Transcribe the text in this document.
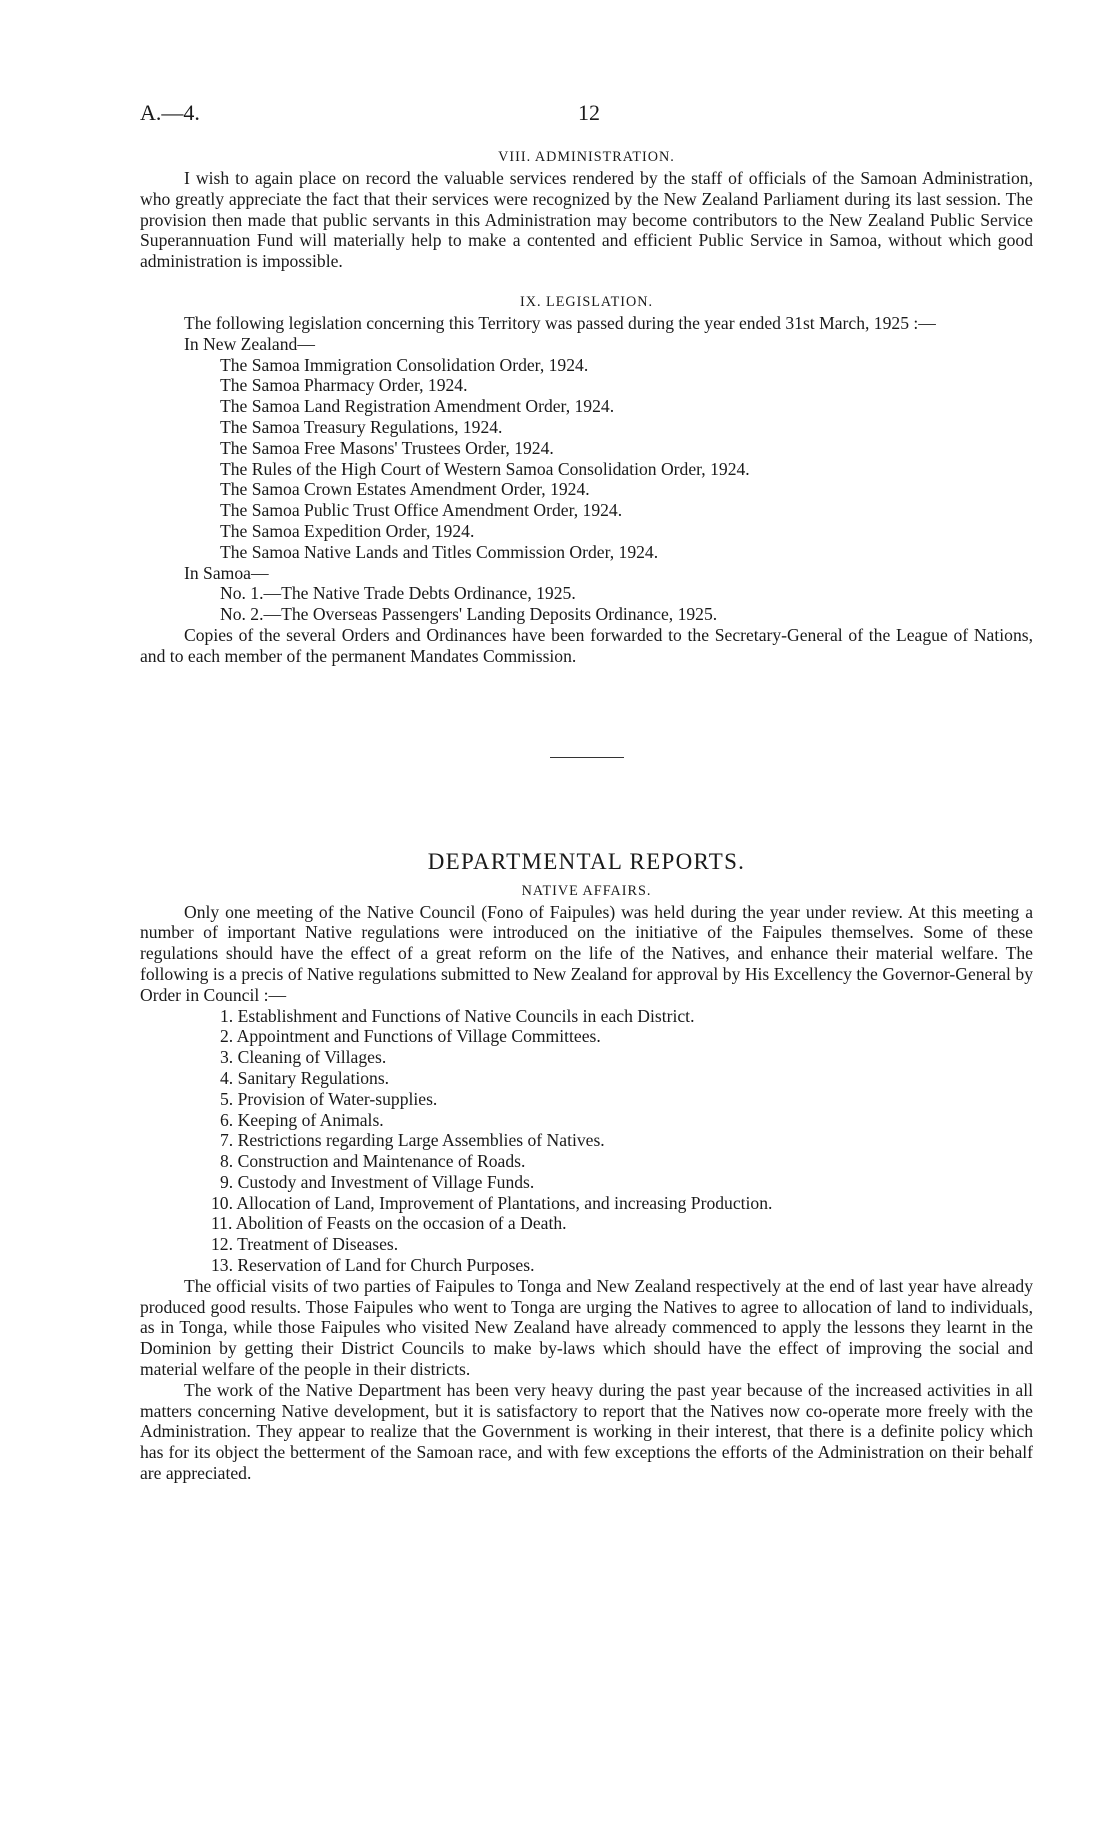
A.—4.	12

VIII. ADMINISTRATION.

I wish to again place on record the valuable services rendered by the staff of officials of the Samoan Administration, who greatly appreciate the fact that their services were recognized by the New Zealand Parliament during its last session. The provision then made that public servants in this Administration may become contributors to the New Zealand Public Service Superannuation Fund will materially help to make a contented and efficient Public Service in Samoa, without which good administration is impossible.

IX. LEGISLATION.

The following legislation concerning this Territory was passed during the year ended 31st March, 1925 :—

In New Zealand—

The Samoa Immigration Consolidation Order, 1924.

The Samoa Pharmacy Order, 1924.

The Samoa Land Registration Amendment Order, 1924.

The Samoa Treasury Regulations, 1924.

The Samoa Free Masons' Trustees Order, 1924.

The Rules of the High Court of Western Samoa Consolidation Order, 1924.

The Samoa Crown Estates Amendment Order, 1924.

The Samoa Public Trust Office Amendment Order, 1924.

The Samoa Expedition Order, 1924.

The Samoa Native Lands and Titles Commission Order, 1924.

In Samoa—

No. 1.—The Native Trade Debts Ordinance, 1925.

No. 2.—The Overseas Passengers' Landing Deposits Ordinance, 1925.

Copies of the several Orders and Ordinances have been forwarded to the Secretary-General of the League of Nations, and to each member of the permanent Mandates Commission.

DEPARTMENTAL REPORTS.

NATIVE AFFAIRS.

Only one meeting of the Native Council (Fono of Faipules) was held during the year under review. At this meeting a number of important Native regulations were introduced on the initiative of the Faipules themselves. Some of these regulations should have the effect of a great reform on the life of the Natives, and enhance their material welfare. The following is a precis of Native regulations submitted to New Zealand for approval by His Excellency the Governor-General by Order in Council :—

1. Establishment and Functions of Native Councils in each District.

2. Appointment and Functions of Village Committees.

3. Cleaning of Villages.

4. Sanitary Regulations.

5. Provision of Water-supplies.

6. Keeping of Animals.

7. Restrictions regarding Large Assemblies of Natives.

8. Construction and Maintenance of Roads.

9. Custody and Investment of Village Funds.

10. Allocation of Land, Improvement of Plantations, and increasing Production.

11. Abolition of Feasts on the occasion of a Death.

12. Treatment of Diseases.

13. Reservation of Land for Church Purposes.

The official visits of two parties of Faipules to Tonga and New Zealand respectively at the end of last year have already produced good results. Those Faipules who went to Tonga are urging the Natives to agree to allocation of land to individuals, as in Tonga, while those Faipules who visited New Zealand have already commenced to apply the lessons they learnt in the Dominion by getting their District Councils to make by-laws which should have the effect of improving the social and material welfare of the people in their districts.

The work of the Native Department has been very heavy during the past year because of the increased activities in all matters concerning Native development, but it is satisfactory to report that the Natives now co-operate more freely with the Administration. They appear to realize that the Government is working in their interest, that there is a definite policy which has for its object the betterment of the Samoan race, and with few exceptions the efforts of the Administration on their behalf are appreciated.
